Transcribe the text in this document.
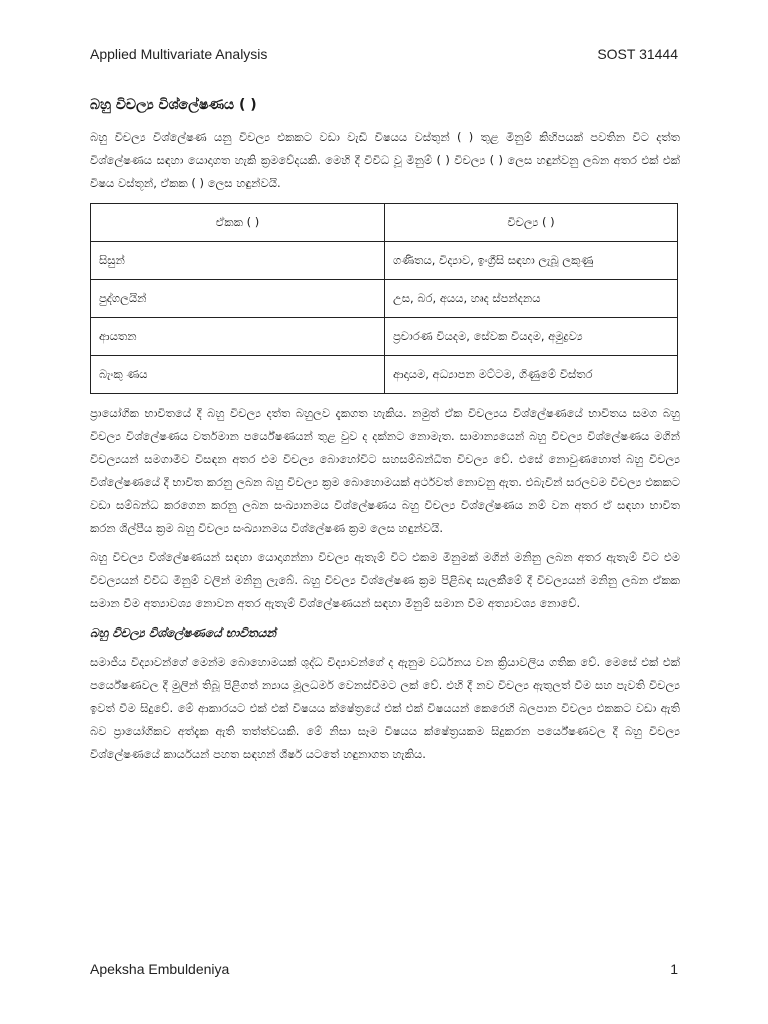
Applied Multivariate Analysis	SOST 31444
බහු විචල්‍ය විශ්ලේෂණය ( )

බහු විචල්‍ය විශ්ලේෂණ යනු විචල්‍ය එකකට වඩා වැඩි විෂයය වස්තුන් ( ) තුළ මිනුම් කිහිපයක් පවතින විට දත්ත විශ්ලේෂණය සඳහා යොදාගත හැකි ක්‍රමවේදයකි. මෙහි දී විවිධ වූ මිනුම් ( ) විචල්‍ය ( ) ලෙස හඳුන්වනු ලබන අතර එක් එක් විෂය වස්තූන්, ඒකක ( ) ලෙස හඳුන්වයි.

ඒකක ( )	විචල්‍ය ( )
සිසුන්	ගණිතය, විද්‍යාව, ඉංග්‍රීසි සඳහා ලැබූ ලකුණු
පුද්ගලයින්	උස, බර, අයය, හෘද ස්පන්දනය
ආයතන	ප්‍රචාරණ වියදම, සේවක වියදම, අමුද්‍රව්‍ය
බැංකු ණය	ආදායම, අධ්‍යාපන මට්ටම, ගිණුමේ විස්තර

ප්‍රායෝගික භාවිතයේ දී බහු විචල්‍ය දත්ත බහුලව දැකගත හැකිය. නමුත් ඒක විචල්‍යය විශ්ලේෂණයේ භාවිතය සමග බහු විචල්‍ය විශ්ලේෂණය වර්තමාන පර්යේෂණයන් තුළ වුව ද දක්නට නොමැත. සාමාන්‍යයෙන් බහු විචල්‍ය විශ්ලේෂණය මගින් විචල්‍යයන් සමගාමීව විසඳන අතර එම විචල්‍ය බොහෝවිට සහසම්බන්ධිත විචල්‍ය වේ. එසේ නොවුණහොත් බහු විචල්‍ය විශ්ලේෂණයේ දී භාවිත කරනු ලබන බහු විචල්‍ය ක්‍රම බොහොමයක් අර්ථවත් නොවනු ඇත. එබැවින් සරලවම විචල්‍ය එකකට වඩා සම්බන්ධ කරගෙන කරනු ලබන සංඛ්‍යානමය විශ්ලේෂණය බහු විචල්‍ය විශ්ලේෂණය නම් වන අතර ඒ සඳහා භාවිත කරන ශිල්පීය ක්‍රම බහු විචල්‍ය සංඛ්‍යානමය විශ්ලේෂණ ක්‍රම ලෙස හඳුන්වයි.

බහු විචල්‍ය විශ්ලේෂණයන් සඳහා යොදාගන්නා විචල්‍ය ඇතැම් විට එකම මිනුමක් මගින් මනිනු ලබන අතර ඇතැම් විට එම විචල්‍යයන් විවිධ මිනුම් වලින් මනිනු ලැබේ. බහු විචල්‍ය විශ්ලේෂණ ක්‍රම පිළිබඳ සැලකීමේ දී විචල්‍යයන් මනිනු ලබන ඒකක සමාන වීම අත්‍යාවශ්‍ය නොවන අතර ඇතැම් විශ්ලේෂණයන් සඳහා මිනුම් සමාන වීම අත්‍යාවශ්‍ය නොවේ.

බහු විචල්‍ය විශ්ලේෂණයේ භාවිතයන්

සමාජීය විද්‍යාවන්ගේ මෙන්ම බොහොමයක් ශුද්ධ විද්‍යාවන්ගේ ද ඇනුම වර්ධනය වන ක්‍රියාවලිය ගතික වේ. මෙසේ එක් එක් පර්යේෂණවල දී මුලින් තිබූ පිළිගත් න්‍යාය මූලධර්ම වෙනස්වීමට ලක් වේ. එහි දී නව විචල්‍ය ඇතුලත් වීම සහ පැවති විචල්‍ය ඉවත් වීම සිදුවේ. මේ ආකාරයට එක් එක් විෂයය ක්ෂේත්‍රයේ එක් එක් විෂයයන් කෙරෙහි බලපාන විචල්‍ය එකකට වඩා ඇති බව ප්‍රායෝගිකව අත්දැක ඇති තත්ත්වයකි. මේ නිසා සෑම විෂයය ක්ෂේත්‍රයකම සිදුකරන පර්යේෂණවල දී බහු විචල්‍ය විශ්ලේෂණයේ කාර්යයන් පහත සඳහන් ශීර්ෂ යටතේ හඳුනාගත හැකිය.

Apeksha Embuldeniya	1
